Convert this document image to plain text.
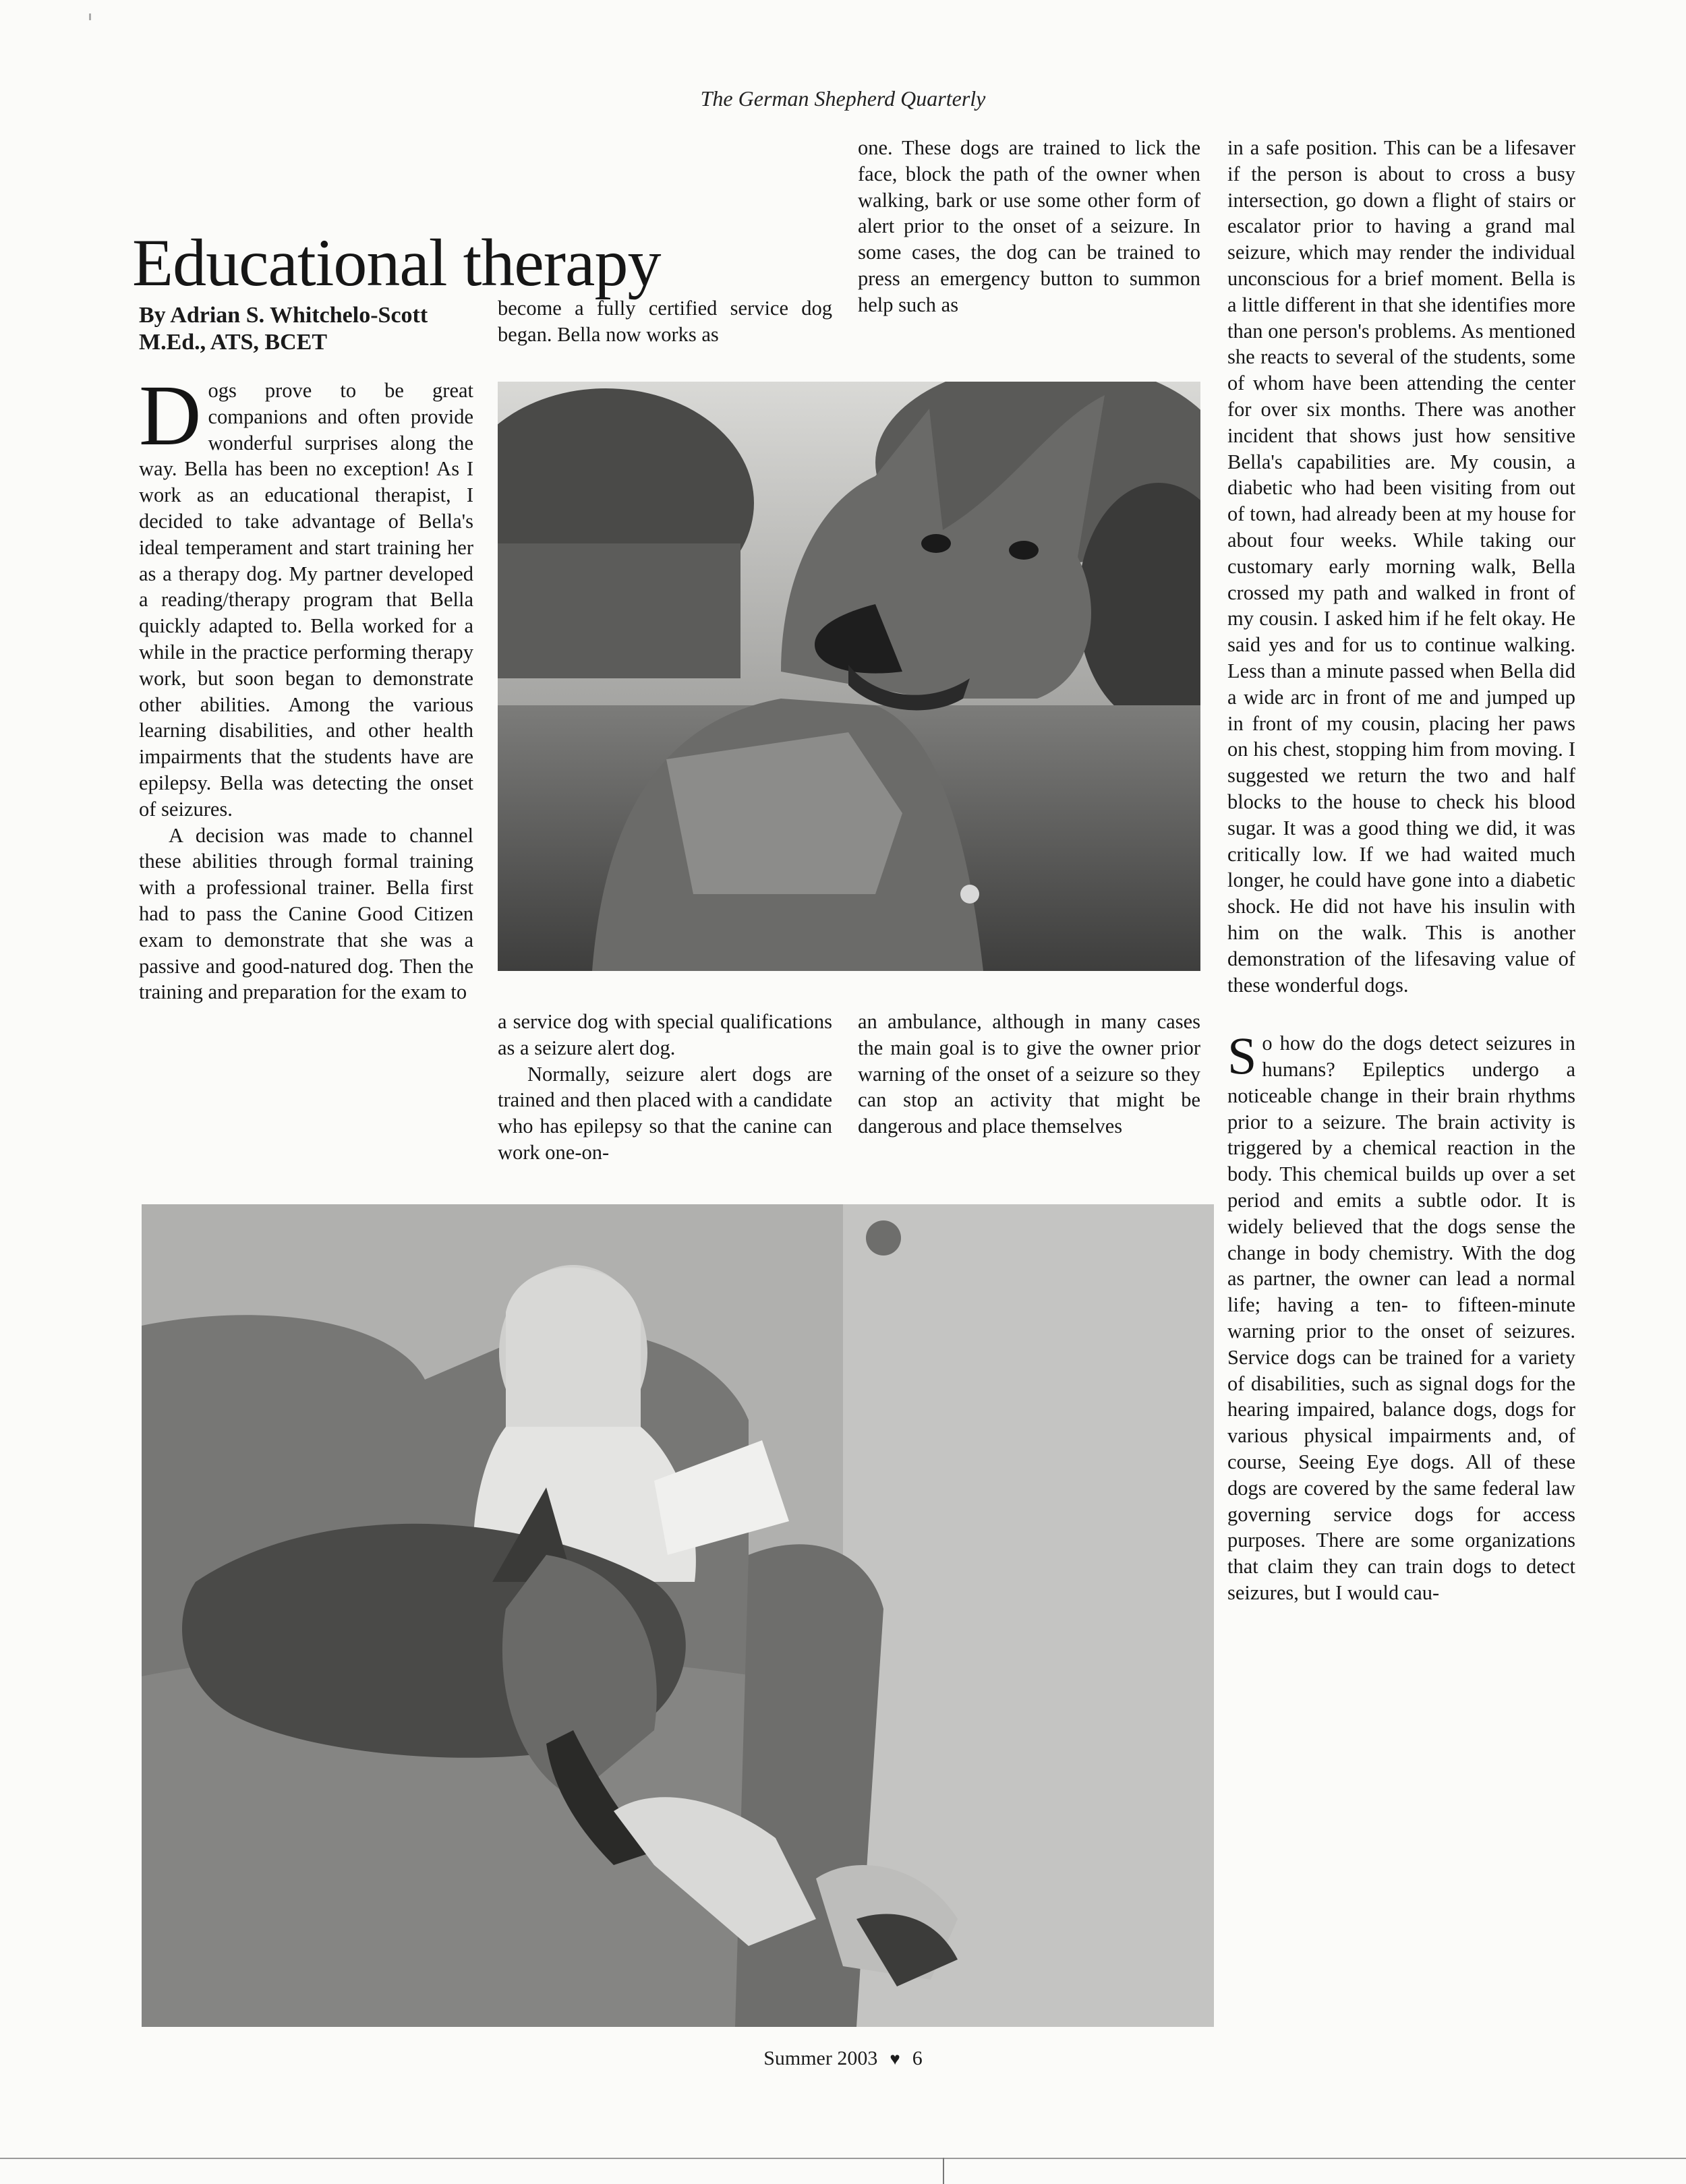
The German Shepherd Quarterly
Educational therapy
By Adrian S. Whitchelo-Scott
M.Ed., ATS, BCET

Dogs prove to be great companions and often provide wonderful surprises along the way. Bella has been no exception! As I work as an educational therapist, I decided to take advantage of Bella's ideal temperament and start training her as a therapy dog. My partner developed a reading/therapy program that Bella quickly adapted to. Bella worked for a while in the practice performing therapy work, but soon began to demonstrate other abilities. Among the various learning disabilities, and other health impairments that the students have are epilepsy. Bella was detecting the onset of seizures.

A decision was made to channel these abilities through formal training with a professional trainer. Bella first had to pass the Canine Good Citizen exam to demonstrate that she was a passive and good-natured dog. Then the training and preparation for the exam to

become a fully certified service dog began. Bella now works as

one. These dogs are trained to lick the face, block the path of the owner when walking, bark or use some other form of alert prior to the onset of a seizure. In some cases, the dog can be trained to press an emergency button to summon help such as

a service dog with special qualifications as a seizure alert dog.

Normally, seizure alert dogs are trained and then placed with a candidate who has epilepsy so that the canine can work one-on-

an ambulance, although in many cases the main goal is to give the owner prior warning of the onset of a seizure so they can stop an activity that might be dangerous and place themselves

in a safe position. This can be a lifesaver if the person is about to cross a busy intersection, go down a flight of stairs or escalator prior to having a grand mal seizure, which may render the individual unconscious for a brief moment. Bella is a little different in that she identifies more than one person's problems. As mentioned she reacts to several of the students, some of whom have been attending the center for over six months. There was another incident that shows just how sensitive Bella's capabilities are. My cousin, a diabetic who had been visiting from out of town, had already been at my house for about four weeks. While taking our customary early morning walk, Bella crossed my path and walked in front of my cousin. I asked him if he felt okay. He said yes and for us to continue walking. Less than a minute passed when Bella did a wide arc in front of me and jumped up in front of my cousin, placing her paws on his chest, stopping him from moving. I suggested we return the two and half blocks to the house to check his blood sugar. It was a good thing we did, it was critically low. If we had waited much longer, he could have gone into a diabetic shock. He did not have his insulin with him on the walk. This is another demonstration of the lifesaving value of these wonderful dogs.

So how do the dogs detect seizures in humans? Epileptics undergo a noticeable change in their brain rhythms prior to a seizure. The brain activity is triggered by a chemical reaction in the body. This chemical builds up over a set period and emits a subtle odor. It is widely believed that the dogs sense the change in body chemistry. With the dog as partner, the owner can lead a normal life; having a ten- to fifteen-minute warning prior to the onset of seizures. Service dogs can be trained for a variety of disabilities, such as signal dogs for the hearing impaired, balance dogs, dogs for various physical impairments and, of course, Seeing Eye dogs. All of these dogs are covered by the same federal law governing service dogs for access purposes. There are some organizations that claim they can train dogs to detect seizures, but I would cau-

Summer 2003 ♥ 6
